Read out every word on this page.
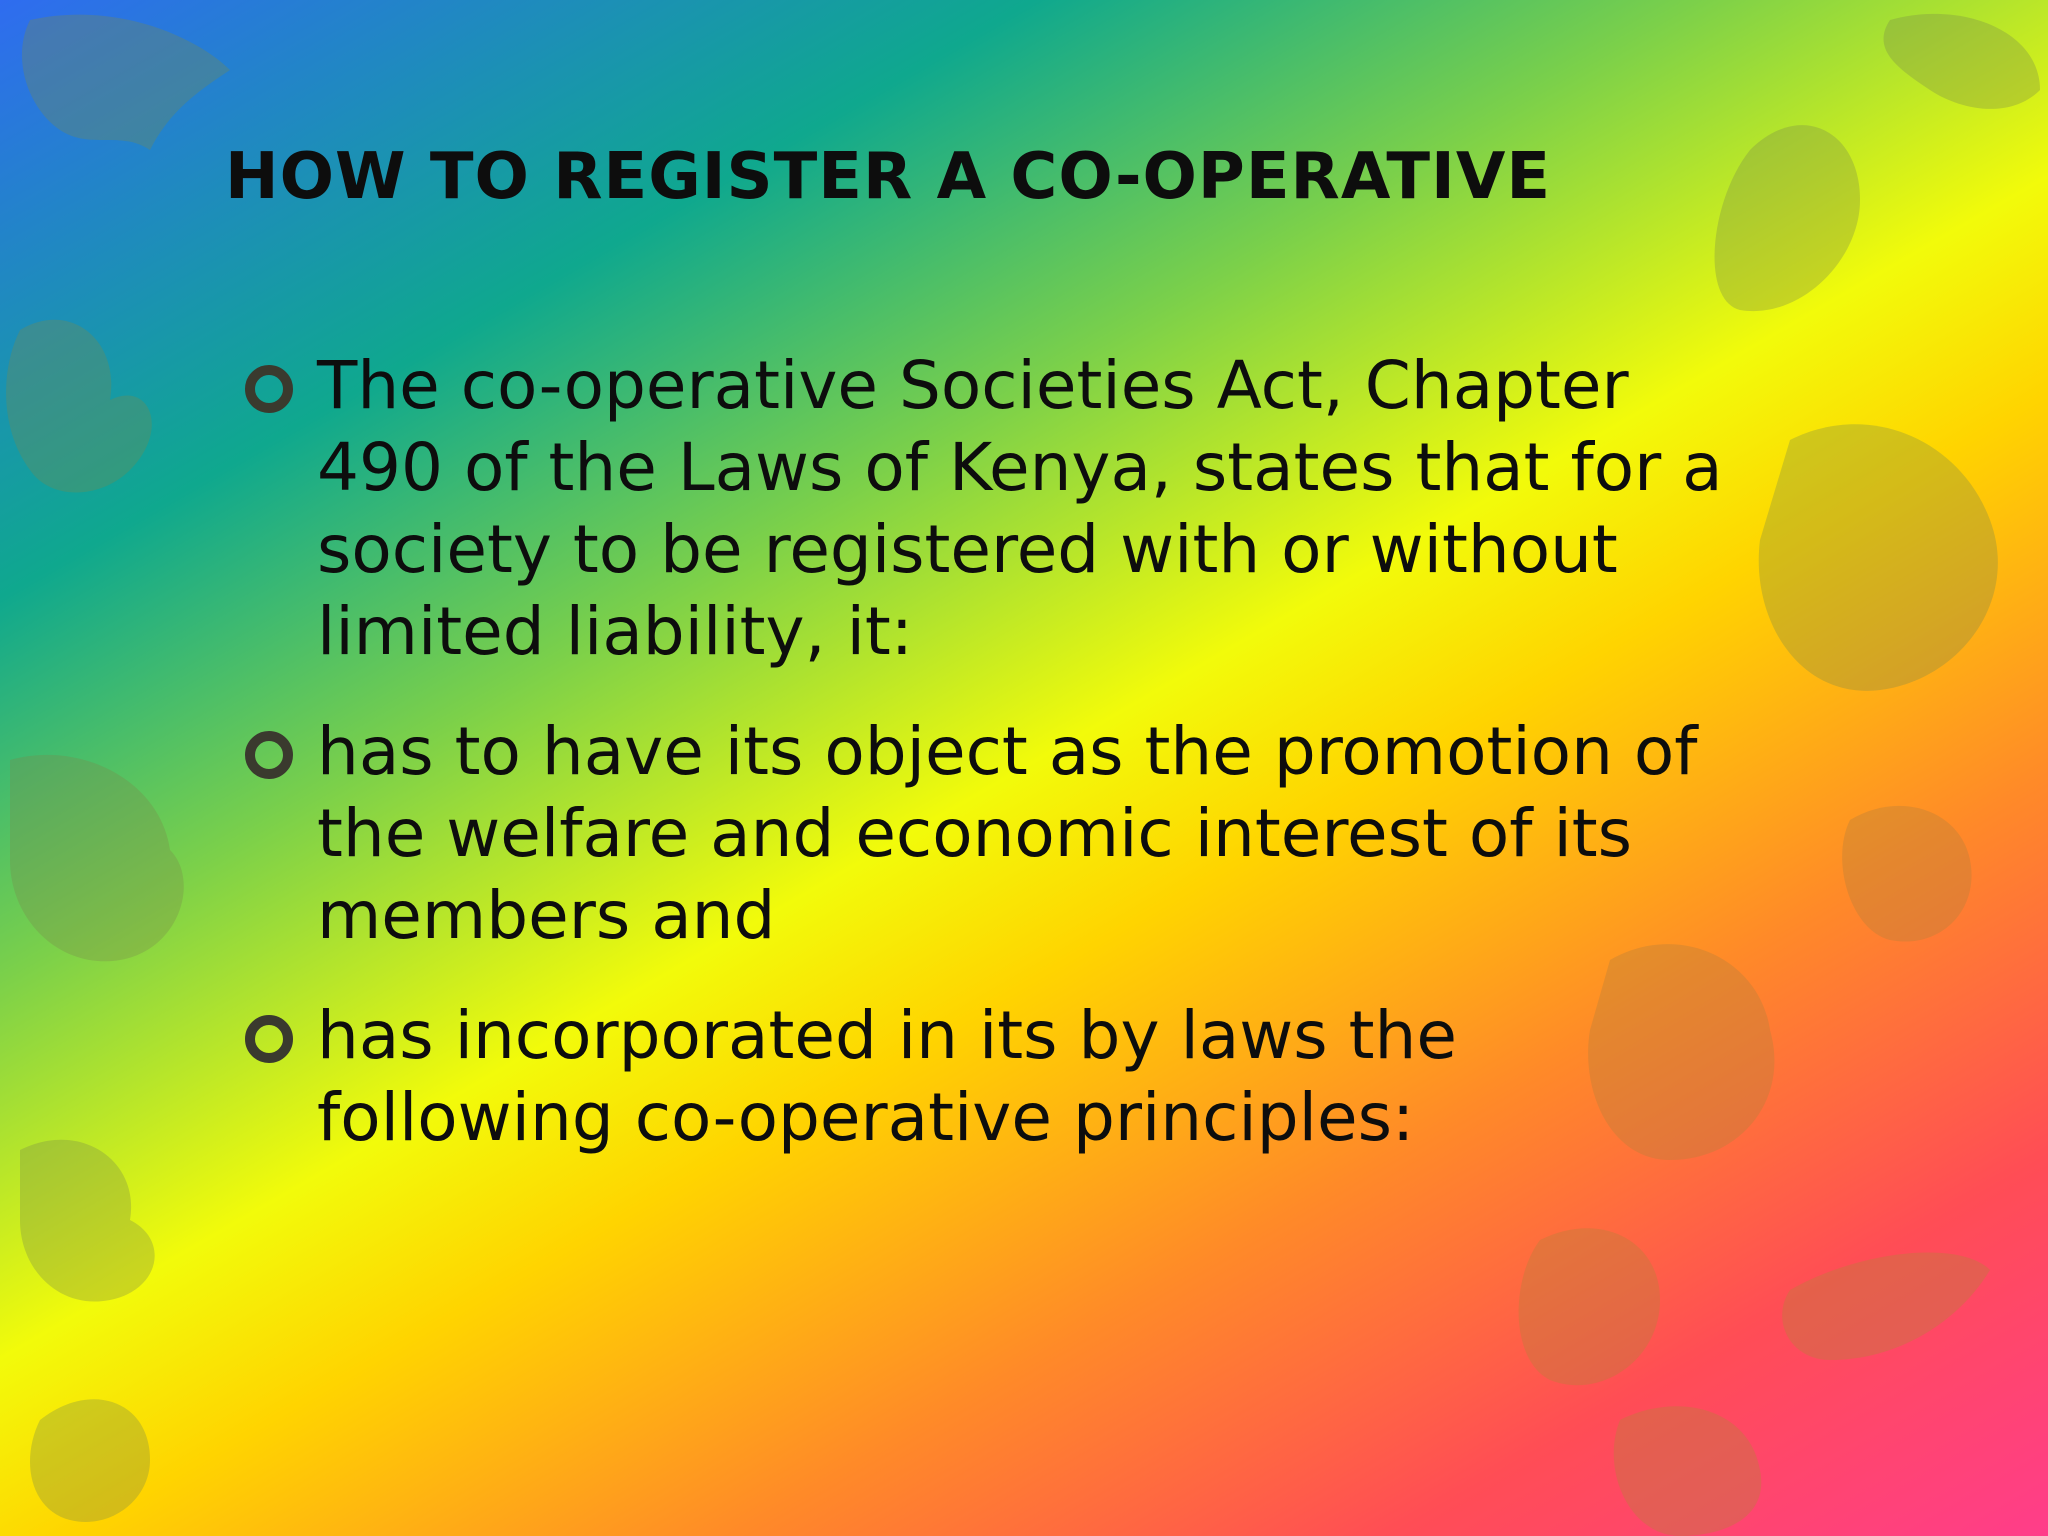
HOW TO REGISTER A CO-OPERATIVE
The co-operative Societies Act, Chapter
490 of the Laws of Kenya, states that for a
society to be registered with or without
limited liability, it:
has to have its object as the promotion of
the welfare and economic interest of its
members and
has incorporated in its by laws the
following co-operative principles:
